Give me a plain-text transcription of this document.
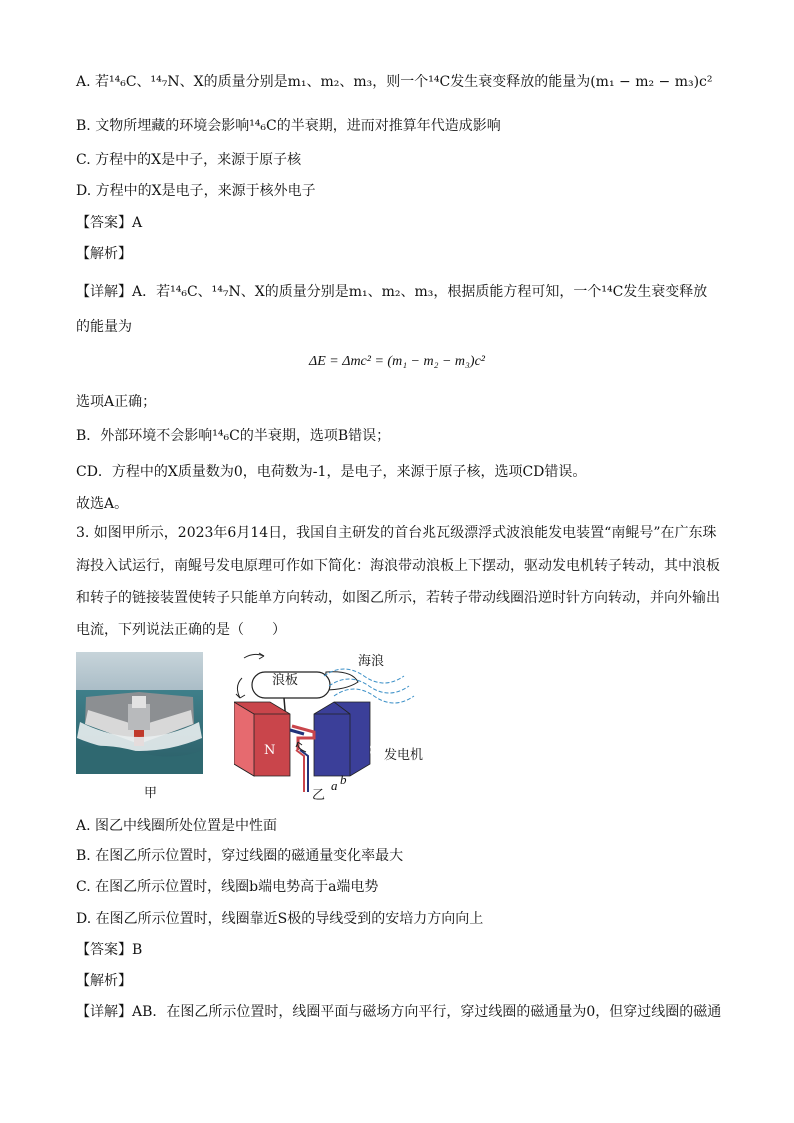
A. 若¹⁴₆C、¹⁴₇N、X的质量分别是m₁、m₂、m₃，则一个¹⁴C发生衰变释放的能量为(m₁ − m₂ − m₃)c²
B. 文物所埋藏的环境会影响¹⁴₆C的半衰期，进而对推算年代造成影响
C. 方程中的X是中子，来源于原子核
D. 方程中的X是电子，来源于核外电子
【答案】A
【解析】
【详解】A．若¹⁴₆C、¹⁴₇N、X的质量分别是m₁、m₂、m₃，根据质能方程可知，一个¹⁴C发生衰变释放
的能量为
ΔE = Δmc² = (m₁ − m₂ − m₃)c²
选项A正确；
B．外部环境不会影响¹⁴₆C的半衰期，选项B错误；
CD．方程中的X质量数为0，电荷数为-1，是电子，来源于原子核，选项CD错误。
故选A。
3. 如图甲所示，2023年6月14日，我国自主研发的首台兆瓦级漂浮式波浪能发电装置“南鲲号”在广东珠
海投入试运行，南鲲号发电原理可作如下简化：海浪带动浪板上下摆动，驱动发电机转子转动，其中浪板
和转子的链接装置使转子只能单方向转动，如图乙所示，若转子带动线圈沿逆时针方向转动，并向外输出
电流，下列说法正确的是（　　）
浪板
海浪
N	S 发电机
a b
甲	乙
A. 图乙中线圈所处位置是中性面
B. 在图乙所示位置时，穿过线圈的磁通量变化率最大
C. 在图乙所示位置时，线圈b端电势高于a端电势
D. 在图乙所示位置时，线圈靠近S极的导线受到的安培力方向向上
【答案】B
【解析】
【详解】AB．在图乙所示位置时，线圈平面与磁场方向平行，穿过线圈的磁通量为0，但穿过线圈的磁通
